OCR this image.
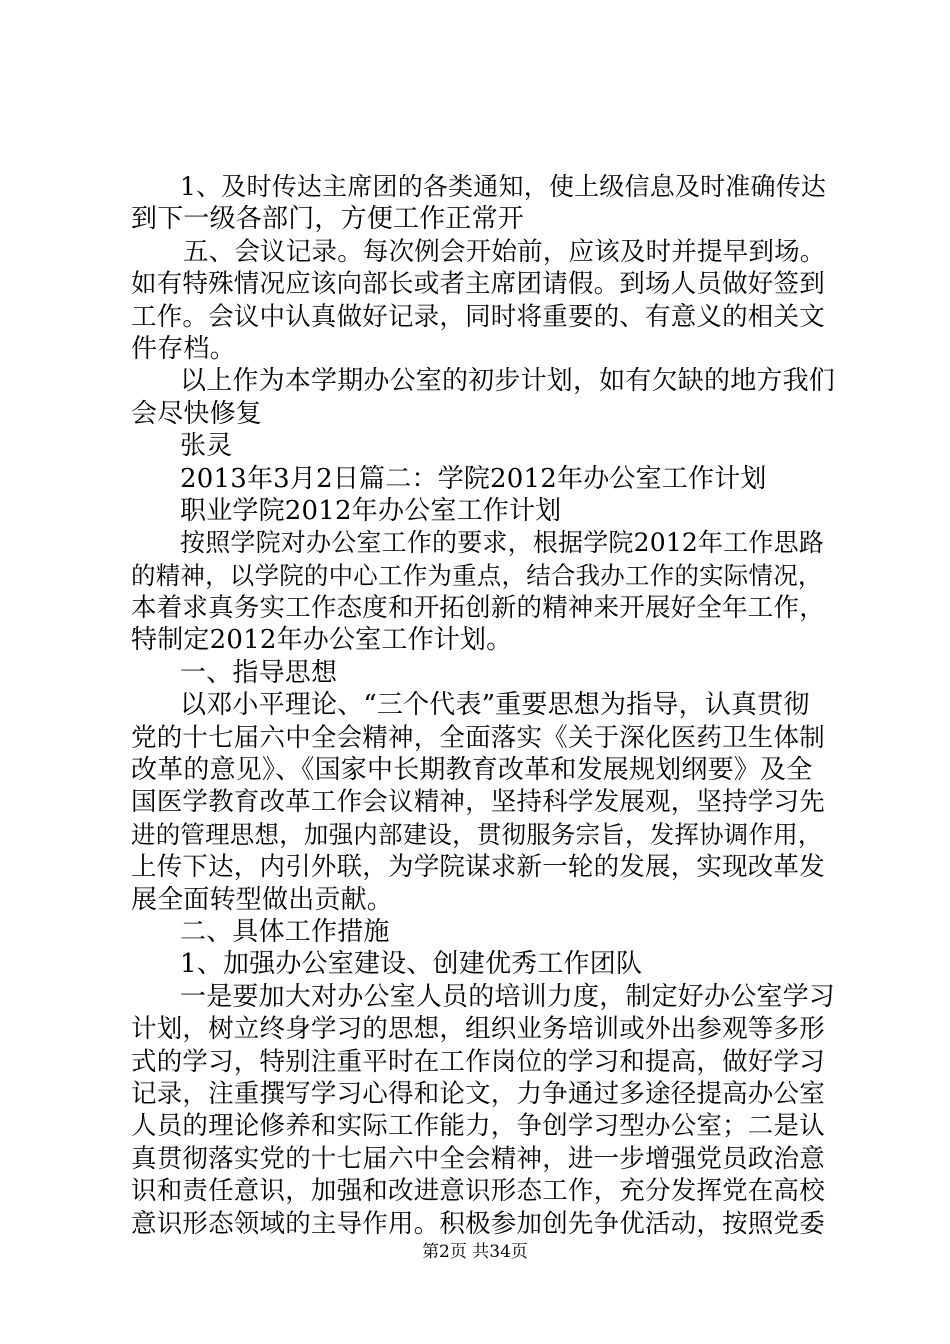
1、及时传达主席团的各类通知，使上级信息及时准确传达
到下一级各部门，方便工作正常开
五、会议记录。每次例会开始前，应该及时并提早到场。
如有特殊情况应该向部长或者主席团请假。到场人员做好签到
工作。会议中认真做好记录，同时将重要的、有意义的相关文
件存档。
以上作为本学期办公室的初步计划，如有欠缺的地方我们
会尽快修复
张灵
2013年3月2日篇二：学院2012年办公室工作计划
职业学院2012年办公室工作计划
按照学院对办公室工作的要求，根据学院2012年工作思路
的精神，以学院的中心工作为重点，结合我办工作的实际情况，
本着求真务实工作态度和开拓创新的精神来开展好全年工作，
特制定2012年办公室工作计划。
一、指导思想
以邓小平理论、“三个代表”重要思想为指导，认真贯彻
党的十七届六中全会精神，全面落实《关于深化医药卫生体制
改革的意见》、《国家中长期教育改革和发展规划纲要》及全
国医学教育改革工作会议精神，坚持科学发展观，坚持学习先
进的管理思想，加强内部建设，贯彻服务宗旨，发挥协调作用，
上传下达，内引外联，为学院谋求新一轮的发展，实现改革发
展全面转型做出贡献。
二、具体工作措施
1、加强办公室建设、创建优秀工作团队
一是要加大对办公室人员的培训力度，制定好办公室学习
计划，树立终身学习的思想，组织业务培训或外出参观等多形
式的学习，特别注重平时在工作岗位的学习和提高，做好学习
记录，注重撰写学习心得和论文，力争通过多途径提高办公室
人员的理论修养和实际工作能力，争创学习型办公室；二是认
真贯彻落实党的十七届六中全会精神，进一步增强党员政治意
识和责任意识，加强和改进意识形态工作，充分发挥党在高校
意识形态领域的主导作用。积极参加创先争优活动，按照党委
第2页 共34页
